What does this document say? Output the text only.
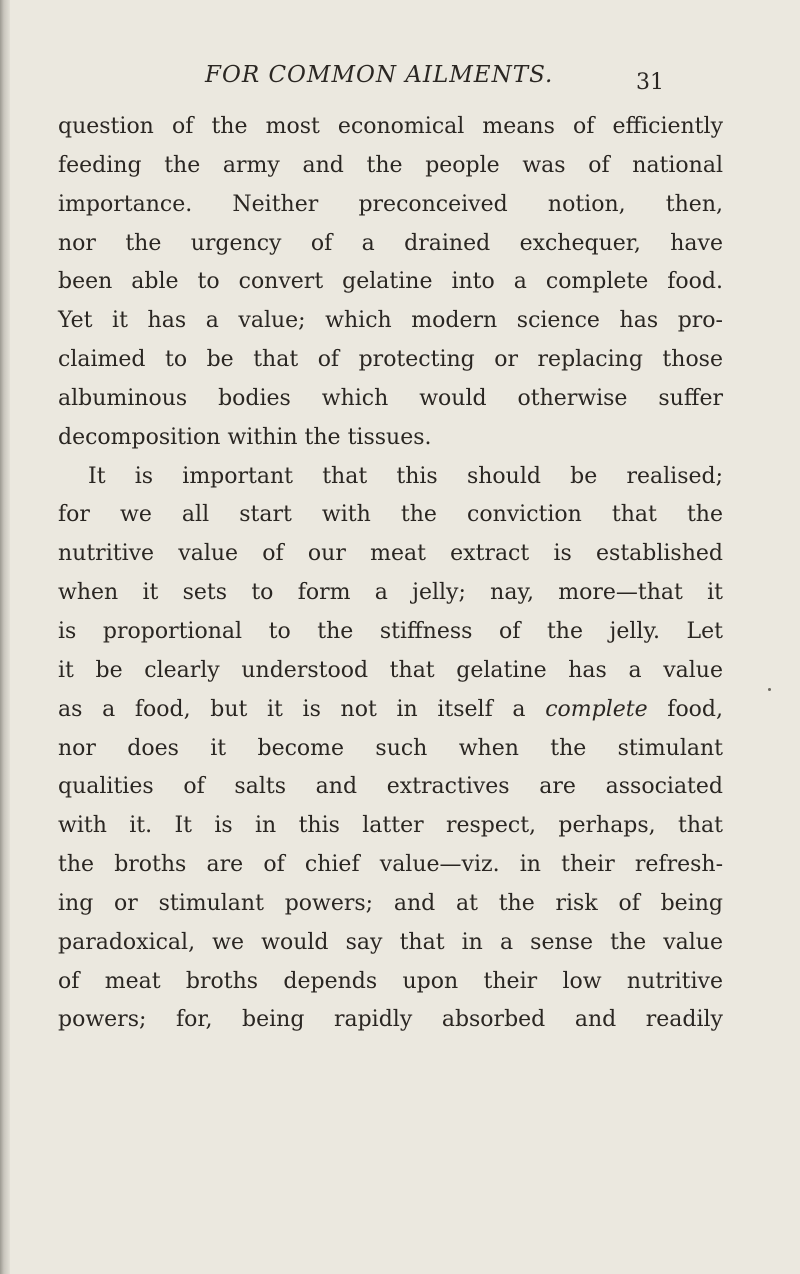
FOR COMMON AILMENTS.	31
question of the most economical means of efficiently
feeding the army and the people was of national
importance. Neither preconceived notion, then,
nor the urgency of a drained exchequer, have
been able to convert gelatine into a complete food.
Yet it has a value; which modern science has pro-
claimed to be that of protecting or replacing those
albuminous bodies which would otherwise suffer
decomposition within the tissues.
It is important that this should be realised;
for we all start with the conviction that the
nutritive value of our meat extract is established
when it sets to form a jelly; nay, more—that it
is proportional to the stiffness of the jelly. Let
it be clearly understood that gelatine has a value
as a food, but it is not in itself a complete food,
nor does it become such when the stimulant
qualities of salts and extractives are associated
with it. It is in this latter respect, perhaps, that
the broths are of chief value—viz. in their refresh-
ing or stimulant powers; and at the risk of being
paradoxical, we would say that in a sense the value
of meat broths depends upon their low nutritive
powers; for, being rapidly absorbed and readily
